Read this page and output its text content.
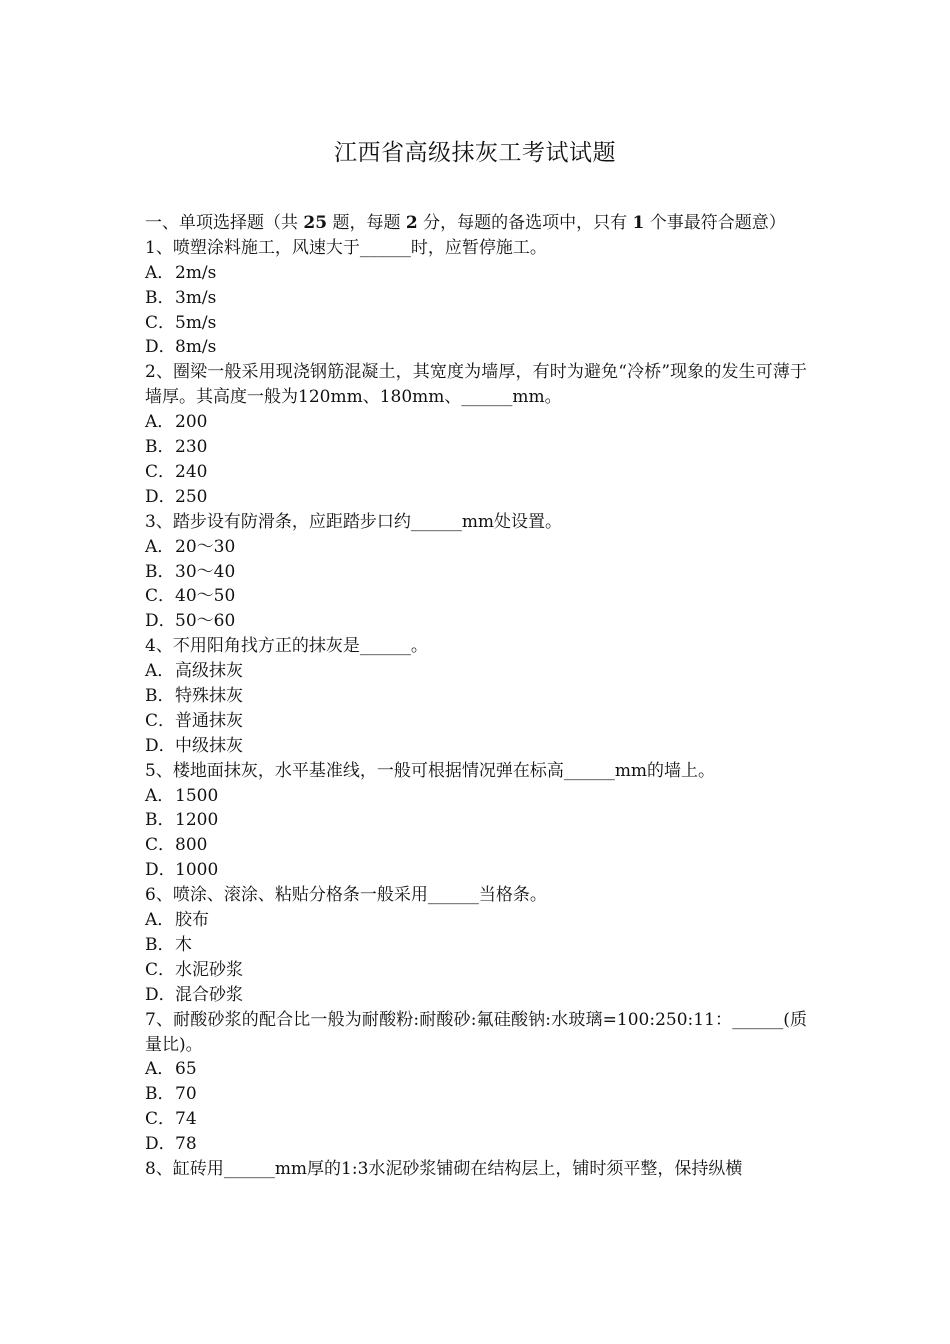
江西省高级抹灰工考试试题
一、单项选择题（共 25 题，每题 2 分，每题的备选项中，只有 1 个事最符合题意）
1、喷塑涂料施工，风速大于______时，应暂停施工。
A．2m/s
B．3m/s
C．5m/s
D．8m/s
2、圈梁一般采用现浇钢筋混凝土，其宽度为墙厚，有时为避免“冷桥”现象的发生可薄于墙厚。其高度一般为120mm、180mm、______mm。
A．200
B．230
C．240
D．250
3、踏步设有防滑条，应距踏步口约______mm处设置。
A．20～30
B．30～40
C．40～50
D．50～60
4、不用阳角找方正的抹灰是______。
A．高级抹灰
B．特殊抹灰
C．普通抹灰
D．中级抹灰
5、楼地面抹灰，水平基准线，一般可根据情况弹在标高______mm的墙上。
A．1500
B．1200
C．800
D．1000
6、喷涂、滚涂、粘贴分格条一般采用______当格条。
A．胶布
B．木
C．水泥砂浆
D．混合砂浆
7、耐酸砂浆的配合比一般为耐酸粉:耐酸砂:氟硅酸钠:水玻璃=100:250:11：______(质量比)。
A．65
B．70
C．74
D．78
8、缸砖用______mm厚的1:3水泥砂浆铺砌在结构层上，铺时须平整，保持纵横
